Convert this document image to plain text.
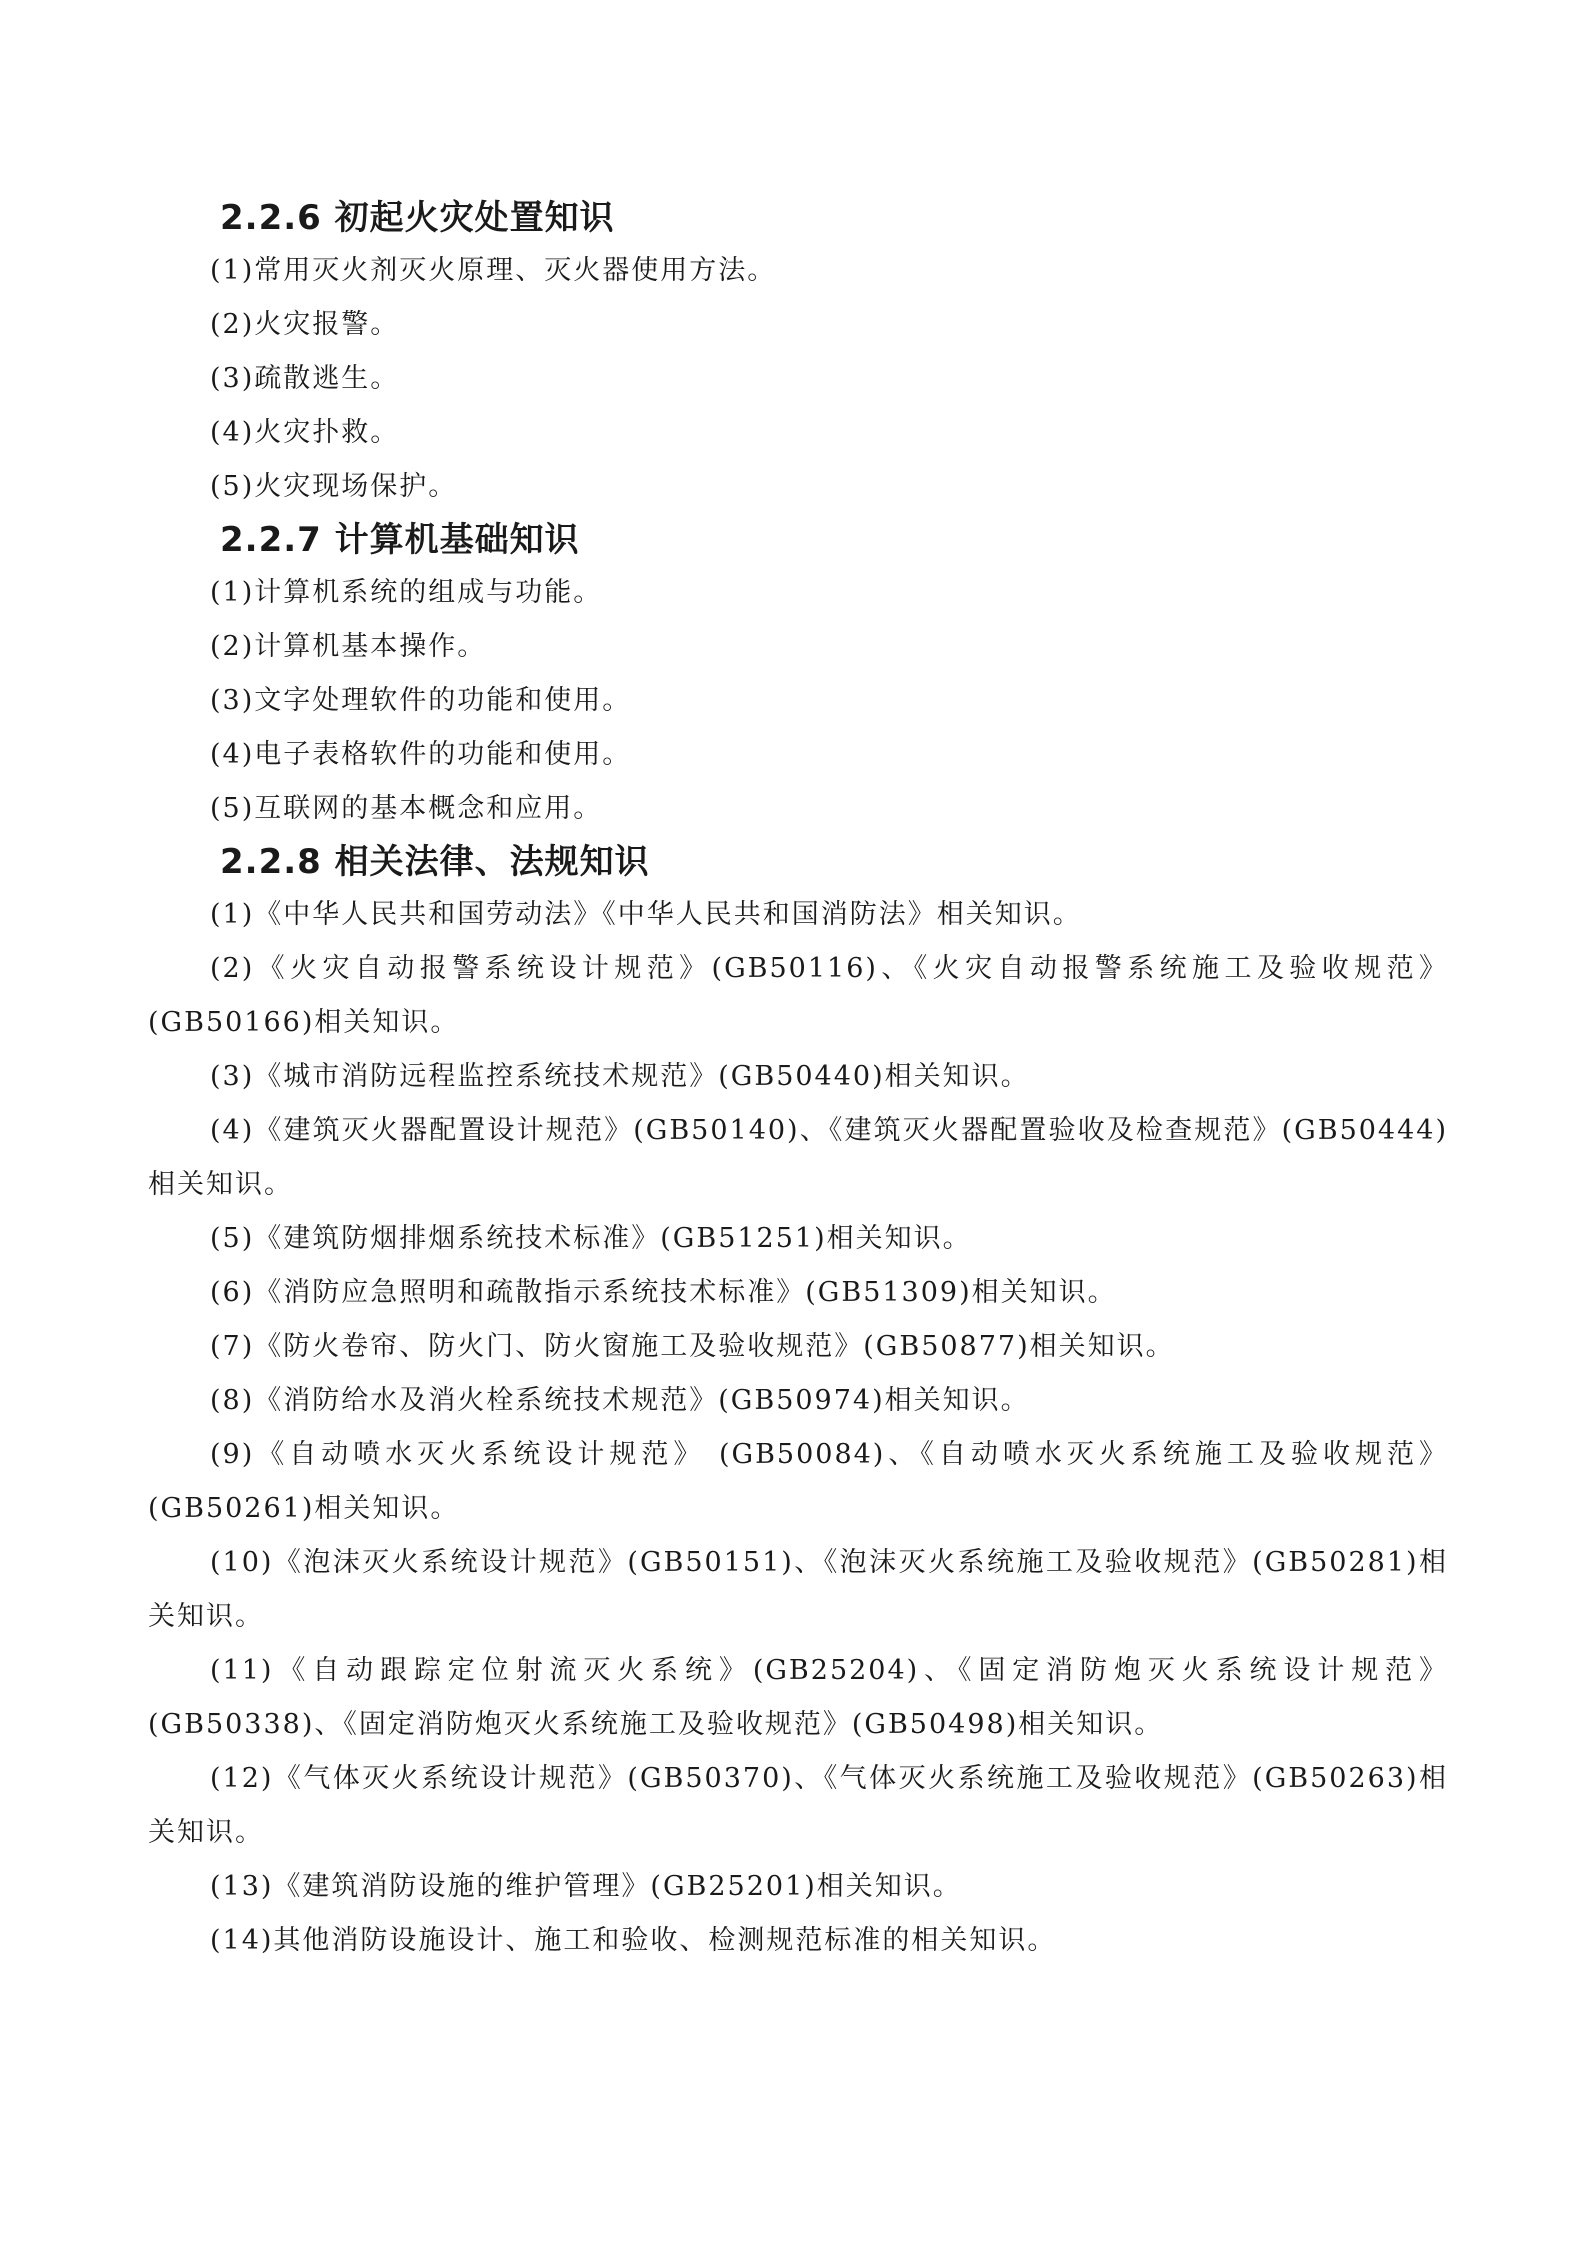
2.2.6 初起火灾处置知识

(1)常用灭火剂灭火原理、灭火器使用方法。

(2)火灾报警。

(3)疏散逃生。

(4)火灾扑救。

(5)火灾现场保护。

2.2.7 计算机基础知识

(1)计算机系统的组成与功能。

(2)计算机基本操作。

(3)文字处理软件的功能和使用。

(4)电子表格软件的功能和使用。

(5)互联网的基本概念和应用。

2.2.8 相关法律、法规知识

(1)《中华人民共和国劳动法》《中华人民共和国消防法》相关知识。

(2)《火灾自动报警系统设计规范》(GB50116)、《火灾自动报警系统施工及验收规范》(GB50166)相关知识。

(3)《城市消防远程监控系统技术规范》(GB50440)相关知识。

(4)《建筑灭火器配置设计规范》(GB50140)、《建筑灭火器配置验收及检查规范》(GB50444)相关知识。

(5)《建筑防烟排烟系统技术标准》(GB51251)相关知识。

(6)《消防应急照明和疏散指示系统技术标准》(GB51309)相关知识。

(7)《防火卷帘、防火门、防火窗施工及验收规范》(GB50877)相关知识。

(8)《消防给水及消火栓系统技术规范》(GB50974)相关知识。

(9)《自动喷水灭火系统设计规范》 (GB50084)、《自动喷水灭火系统施工及验收规范》(GB50261)相关知识。

(10)《泡沫灭火系统设计规范》(GB50151)、《泡沫灭火系统施工及验收规范》(GB50281)相关知识。

(11)《自动跟踪定位射流灭火系统》(GB25204)、《固定消防炮灭火系统设计规范》(GB50338)、《固定消防炮灭火系统施工及验收规范》(GB50498)相关知识。

(12)《气体灭火系统设计规范》(GB50370)、《气体灭火系统施工及验收规范》(GB50263)相关知识。

(13)《建筑消防设施的维护管理》(GB25201)相关知识。

(14)其他消防设施设计、施工和验收、检测规范标准的相关知识。
